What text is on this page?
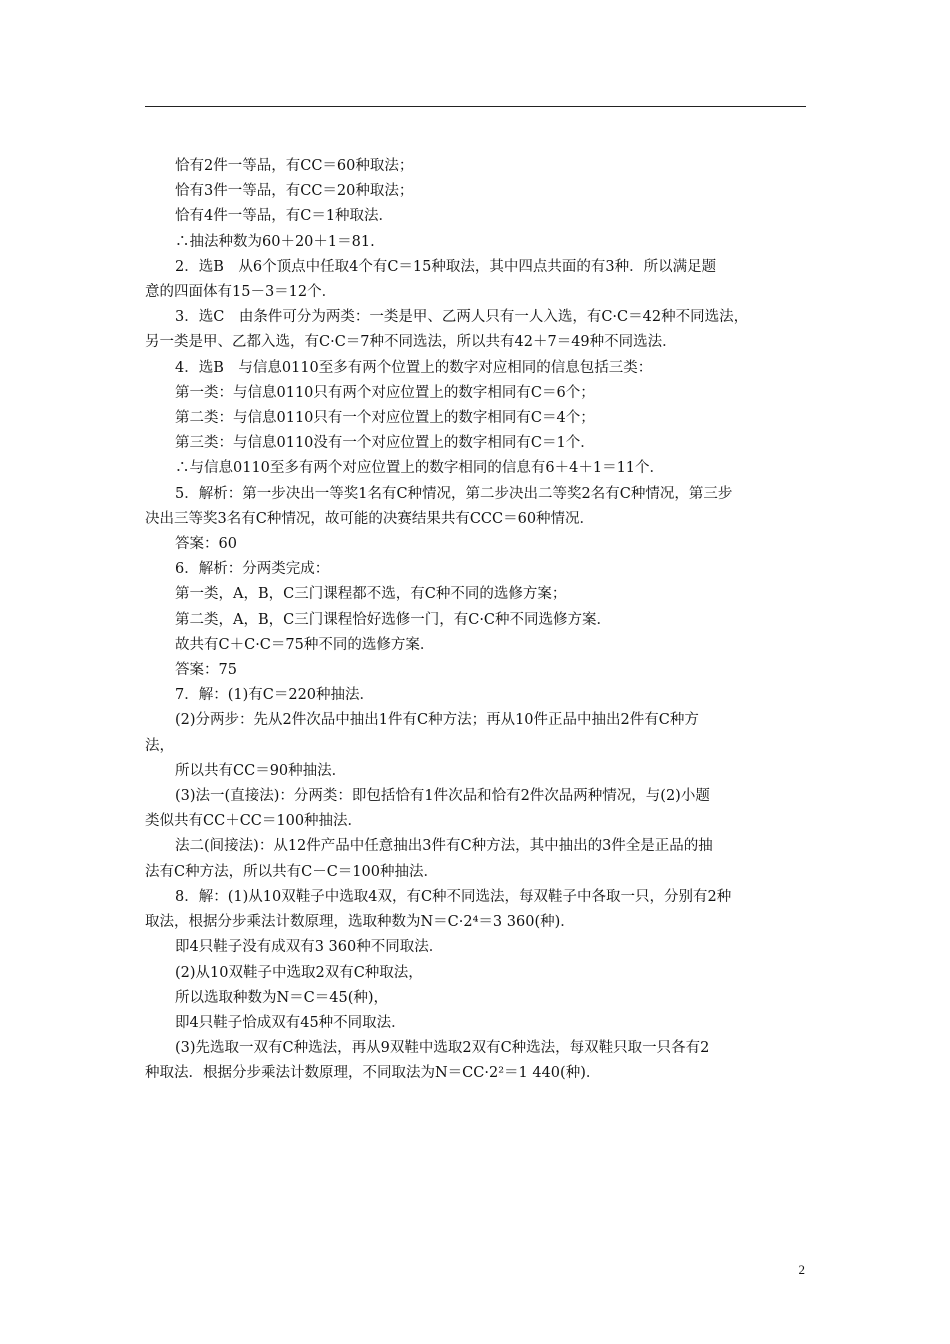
恰有2件一等品，有CC＝60种取法；

恰有3件一等品，有CC＝20种取法；

恰有4件一等品，有C＝1种取法．

∴抽法种数为60＋20＋1＝81.

2．选B　从6个顶点中任取4个有C＝15种取法，其中四点共面的有3种．所以满足题

意的四面体有15－3＝12个．

3．选C　由条件可分为两类：一类是甲、乙两人只有一人入选，有C·C＝42种不同选法，

另一类是甲、乙都入选，有C·C＝7种不同选法，所以共有42＋7＝49种不同选法．

4．选B　与信息0110至多有两个位置上的数字对应相同的信息包括三类：

第一类：与信息0110只有两个对应位置上的数字相同有C＝6个；

第二类：与信息0110只有一个对应位置上的数字相同有C＝4个；

第三类：与信息0110没有一个对应位置上的数字相同有C＝1个．

∴与信息0110至多有两个对应位置上的数字相同的信息有6＋4＋1＝11个．

5．解析：第一步决出一等奖1名有C种情况，第二步决出二等奖2名有C种情况，第三步

决出三等奖3名有C种情况，故可能的决赛结果共有CCC＝60种情况．

答案：60

6．解析：分两类完成：

第一类，A，B，C三门课程都不选，有C种不同的选修方案；

第二类，A，B，C三门课程恰好选修一门，有C·C种不同选修方案．

故共有C＋C·C＝75种不同的选修方案．

答案：75

7．解：(1)有C＝220种抽法．

(2)分两步：先从2件次品中抽出1件有C种方法；再从10件正品中抽出2件有C种方

法，

所以共有CC＝90种抽法．

(3)法一(直接法)：分两类：即包括恰有1件次品和恰有2件次品两种情况，与(2)小题

类似共有CC＋CC＝100种抽法．

法二(间接法)：从12件产品中任意抽出3件有C种方法，其中抽出的3件全是正品的抽

法有C种方法，所以共有C－C＝100种抽法．

8．解：(1)从10双鞋子中选取4双，有C种不同选法，每双鞋子中各取一只，分别有2种

取法，根据分步乘法计数原理，选取种数为N＝C·2⁴＝3 360(种)．

即4只鞋子没有成双有3 360种不同取法．

(2)从10双鞋子中选取2双有C种取法，

所以选取种数为N＝C＝45(种)，

即4只鞋子恰成双有45种不同取法．

(3)先选取一双有C种选法，再从9双鞋中选取2双有C种选法，每双鞋只取一只各有2

种取法．根据分步乘法计数原理，不同取法为N＝CC·2²＝1 440(种)．

2
